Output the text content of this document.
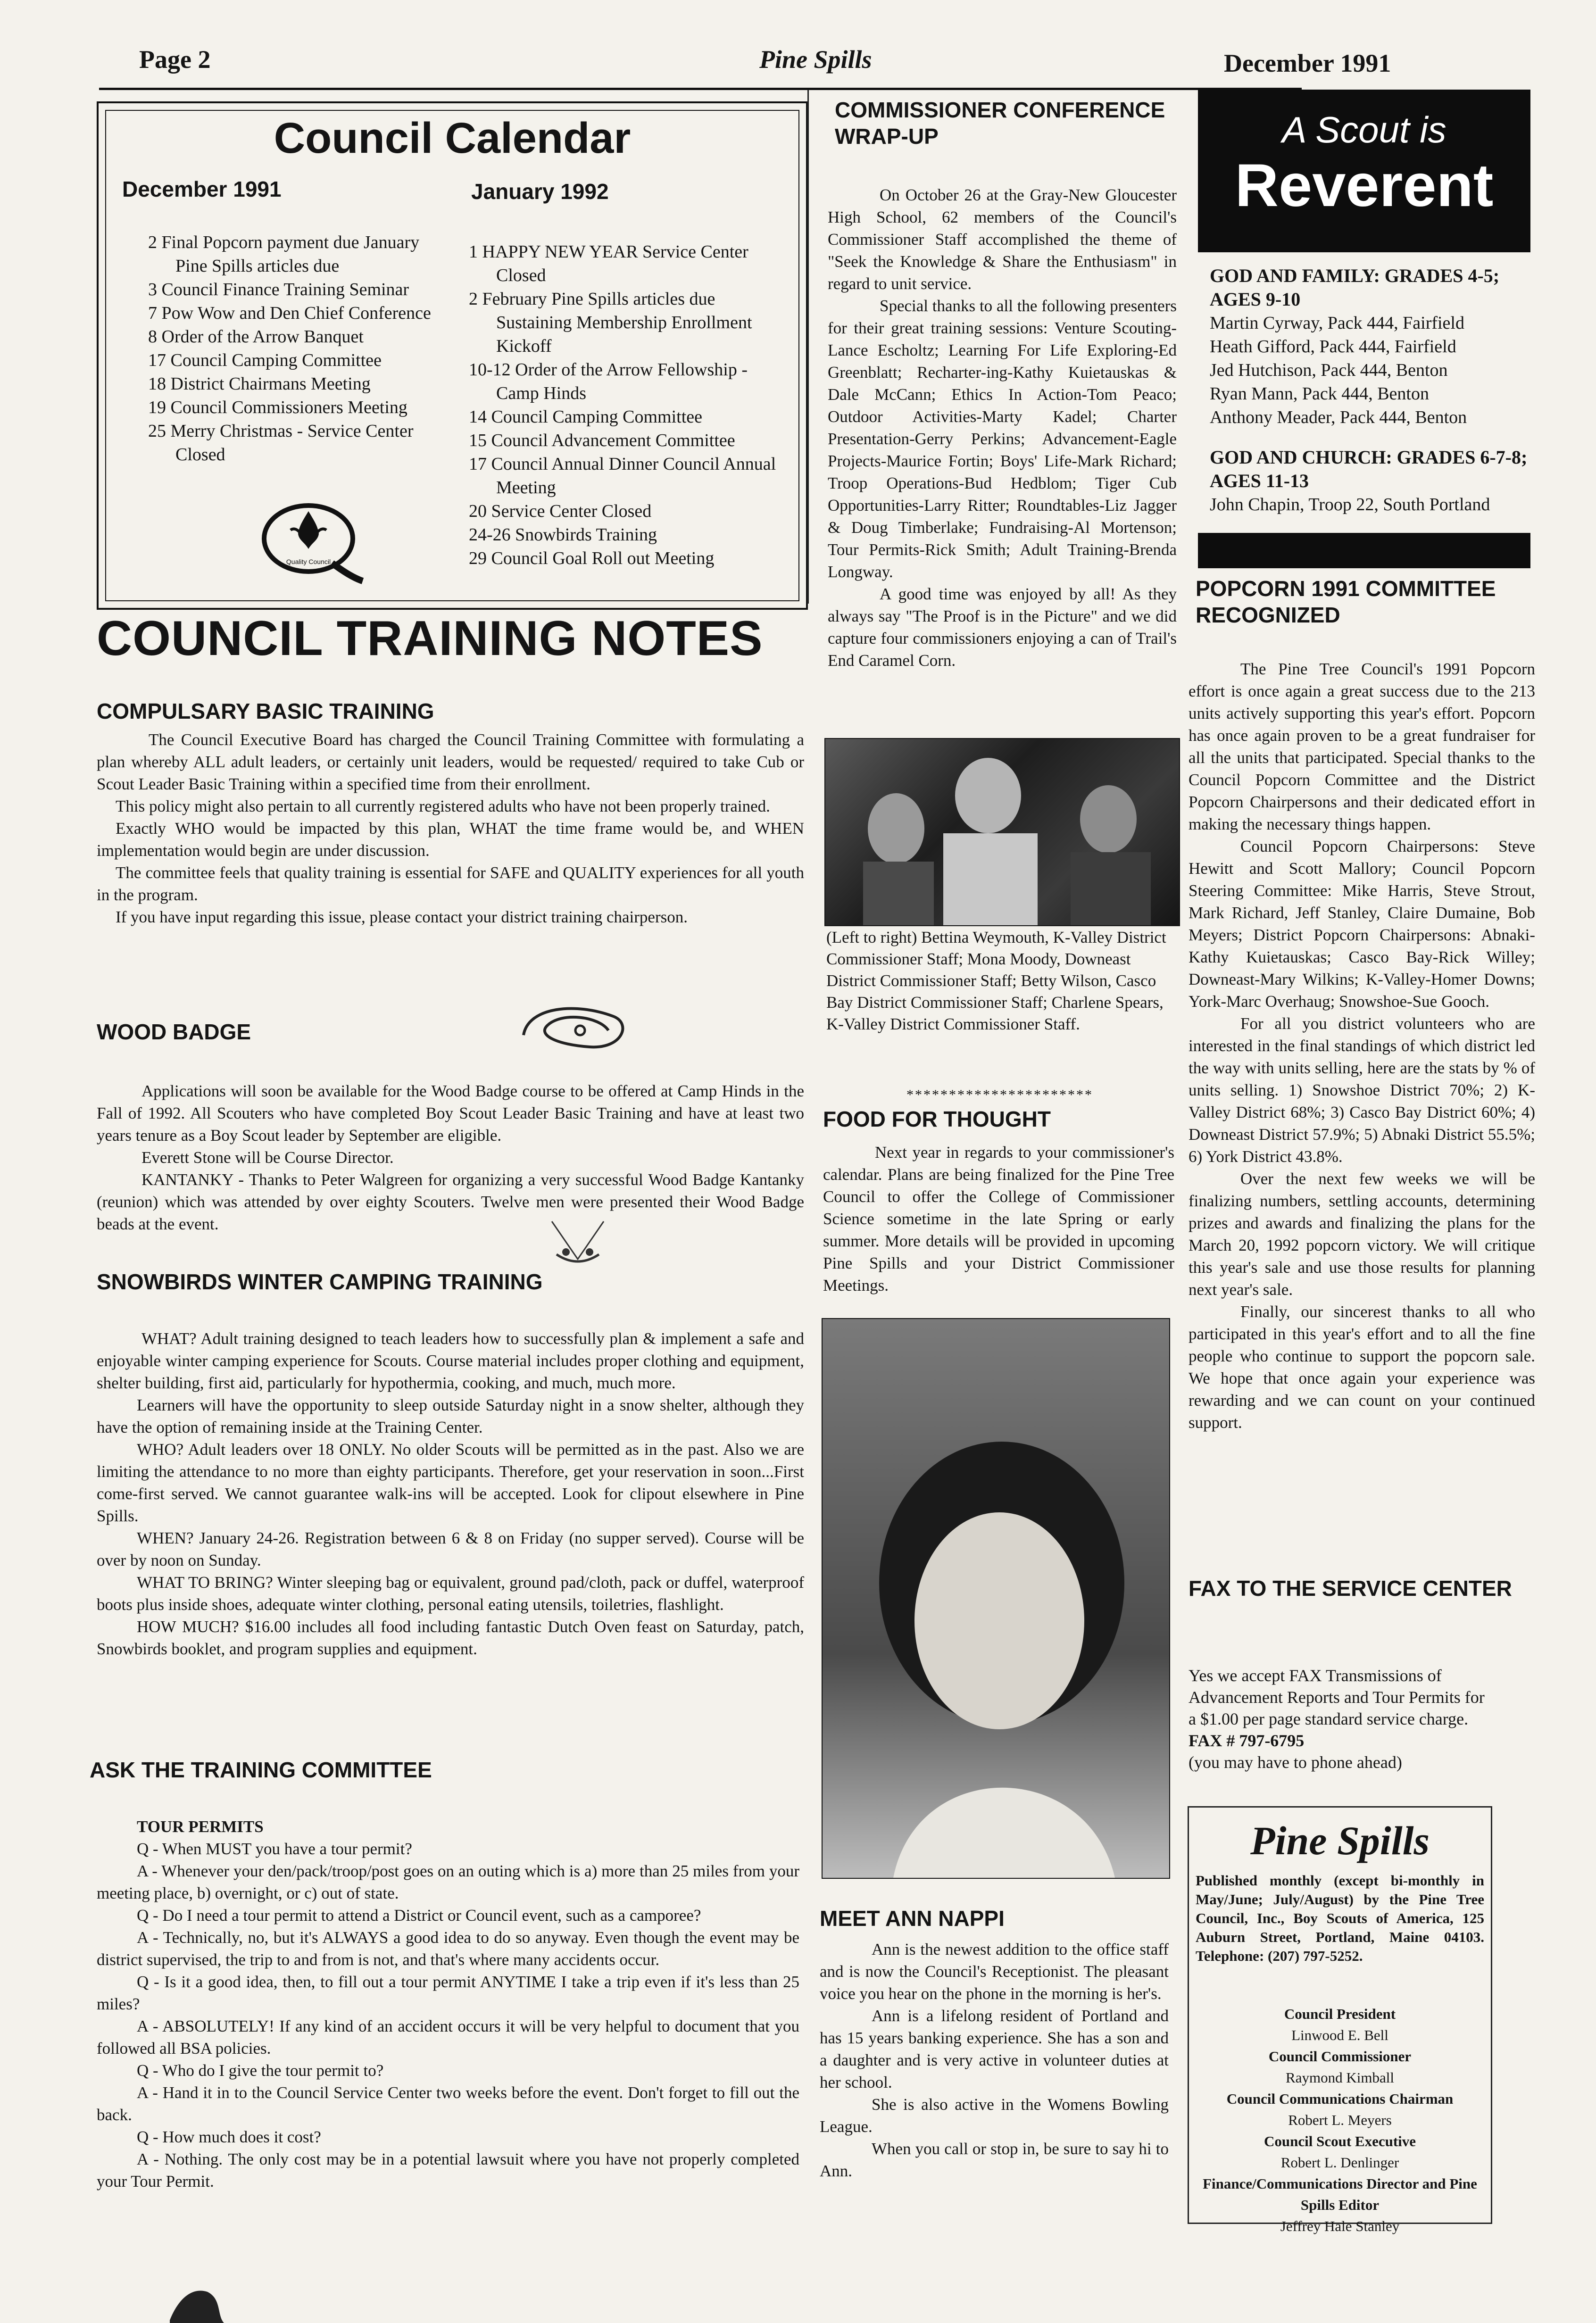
Page 2	Pine Spills	December 1991
Council Calendar
December 1991	January 1992
2 Final Popcorn payment due January Pine Spills articles due
3 Council Finance Training Seminar
7 Pow Wow and Den Chief Conference
8 Order of the Arrow Banquet
17 Council Camping Committee
18 District Chairmans Meeting
19 Council Commissioners Meeting
25 Merry Christmas - Service Center Closed
1 HAPPY NEW YEAR Service Center Closed
2 February Pine Spills articles due Sustaining Membership Enrollment Kickoff
10-12 Order of the Arrow Fellowship - Camp Hinds
14 Council Camping Committee
15 Council Advancement Committee
17 Council Annual Dinner Council Annual Meeting
20 Service Center Closed
24-26 Snowbirds Training
29 Council Goal Roll out Meeting
Quality Council
COUNCIL TRAINING NOTES
COMPULSARY BASIC TRAINING

The Council Executive Board has charged the Council Training Committee with formulating a plan whereby ALL adult leaders, or certainly unit leaders, would be requested/ required to take Cub or Scout Leader Basic Training within a specified time from their enrollment.

This policy might also pertain to all currently registered adults who have not been properly trained.

Exactly WHO would be impacted by this plan, WHAT the time frame would be, and WHEN implementation would begin are under discussion.

The committee feels that quality training is essential for SAFE and QUALITY experiences for all youth in the program.

If you have input regarding this issue, please contact your district training chairperson.

WOOD BADGE

Applications will soon be available for the Wood Badge course to be offered at Camp Hinds in the Fall of 1992. All Scouters who have completed Boy Scout Leader Basic Training and have at least two years tenure as a Boy Scout leader by September are eligible.

Everett Stone will be Course Director.

KANTANKY - Thanks to Peter Walgreen for organizing a very successful Wood Badge Kantanky (reunion) which was attended by over eighty Scouters. Twelve men were presented their Wood Badge beads at the event.

SNOWBIRDS WINTER CAMPING TRAINING

WHAT? Adult training designed to teach leaders how to successfully plan & implement a safe and enjoyable winter camping experience for Scouts. Course material includes proper clothing and equipment, shelter building, first aid, particularly for hypothermia, cooking, and much, much more.

Learners will have the opportunity to sleep outside Saturday night in a snow shelter, although they have the option of remaining inside at the Training Center.

WHO? Adult leaders over 18 ONLY. No older Scouts will be permitted as in the past. Also we are limiting the attendance to no more than eighty participants. Therefore, get your reservation in soon...First come-first served. We cannot guarantee walk-ins will be accepted. Look for clipout elsewhere in Pine Spills.

WHEN? January 24-26. Registration between 6 & 8 on Friday (no supper served). Course will be over by noon on Sunday.

WHAT TO BRING? Winter sleeping bag or equivalent, ground pad/cloth, pack or duffel, waterproof boots plus inside shoes, adequate winter clothing, personal eating utensils, toiletries, flashlight.

HOW MUCH? $16.00 includes all food including fantastic Dutch Oven feast on Saturday, patch, Snowbirds booklet, and program supplies and equipment.

ASK THE TRAINING COMMITTEE

TOUR PERMITS

Q - When MUST you have a tour permit?

A - Whenever your den/pack/troop/post goes on an outing which is a) more than 25 miles from your meeting place, b) overnight, or c) out of state.

Q - Do I need a tour permit to attend a District or Council event, such as a camporee?

A - Technically, no, but it's ALWAYS a good idea to do so anyway. Even though the event may be district supervised, the trip to and from is not, and that's where many accidents occur.

Q - Is it a good idea, then, to fill out a tour permit ANYTIME I take a trip even if it's less than 25 miles?

A - ABSOLUTELY! If any kind of an accident occurs it will be very helpful to document that you followed all BSA policies.

Q - Who do I give the tour permit to?

A - Hand it in to the Council Service Center two weeks before the event. Don't forget to fill out the back.

Q - How much does it cost?

A - Nothing. The only cost may be in a potential lawsuit where you have not properly completed your Tour Permit.

COMMISSIONER CONFERENCE WRAP-UP

On October 26 at the Gray-New Gloucester High School, 62 members of the Council's Commissioner Staff accomplished the theme of "Seek the Knowledge & Share the Enthusiasm" in regard to unit service.

Special thanks to all the following presenters for their great training sessions: Venture Scouting-Lance Escholtz; Learning For Life Exploring-Ed Greenblatt; Recharter-ing-Kathy Kuietauskas & Dale McCann; Ethics In Action-Tom Peaco; Outdoor Activities-Marty Kadel; Charter Presentation-Gerry Perkins; Advancement-Eagle Projects-Maurice Fortin; Boys' Life-Mark Richard; Troop Operations-Bud Hedblom; Tiger Cub Opportunities-Larry Ritter; Roundtables-Liz Jagger & Doug Timberlake; Fundraising-Al Mortenson; Tour Permits-Rick Smith; Adult Training-Brenda Longway.

A good time was enjoyed by all! As they always say "The Proof is in the Picture" and we did capture four commissioners enjoying a can of Trail's End Caramel Corn.

(Left to right) Bettina Weymouth, K-Valley District Commissioner Staff; Mona Moody, Downeast District Commissioner Staff; Betty Wilson, Casco Bay District Commissioner Staff; Charlene Spears, K-Valley District Commissioner Staff.
**********************
FOOD FOR THOUGHT

Next year in regards to your commissioner's calendar. Plans are being finalized for the Pine Tree Council to offer the College of Commissioner Science sometime in the late Spring or early summer. More details will be provided in upcoming Pine Spills and your District Commissioner Meetings.

MEET ANN NAPPI

Ann is the newest addition to the office staff and is now the Council's Receptionist. The pleasant voice you hear on the phone in the morning is her's.

Ann is a lifelong resident of Portland and has 15 years banking experience. She has a son and a daughter and is very active in volunteer duties at her school.

She is also active in the Womens Bowling League.

When you call or stop in, be sure to say hi to Ann.

A Scout is
Reverent
GOD AND FAMILY: GRADES 4-5; AGES 9-10
Martin Cyrway, Pack 444, Fairfield
Heath Gifford, Pack 444, Fairfield
Jed Hutchison, Pack 444, Benton
Ryan Mann, Pack 444, Benton
Anthony Meader, Pack 444, Benton
GOD AND CHURCH: GRADES 6-7-8; AGES 11-13
John Chapin, Troop 22, South Portland
POPCORN 1991 COMMITTEE RECOGNIZED

The Pine Tree Council's 1991 Popcorn effort is once again a great success due to the 213 units actively supporting this year's effort. Popcorn has once again proven to be a great fundraiser for all the units that participated. Special thanks to the Council Popcorn Committee and the District Popcorn Chairpersons and their dedicated effort in making the necessary things happen.

Council Popcorn Chairpersons: Steve Hewitt and Scott Mallory; Council Popcorn Steering Committee: Mike Harris, Steve Strout, Mark Richard, Jeff Stanley, Claire Dumaine, Bob Meyers; District Popcorn Chairpersons: Abnaki-Kathy Kuietauskas; Casco Bay-Rick Willey; Downeast-Mary Wilkins; K-Valley-Homer Downs; York-Marc Overhaug; Snowshoe-Sue Gooch.

For all you district volunteers who are interested in the final standings of which district led the way with units selling, here are the stats by % of units selling. 1) Snowshoe District 70%; 2) K-Valley District 68%; 3) Casco Bay District 60%; 4) Downeast District 57.9%; 5) Abnaki District 55.5%; 6) York District 43.8%.

Over the next few weeks we will be finalizing numbers, settling accounts, determining prizes and awards and finalizing the plans for the March 20, 1992 popcorn victory. We will critique this year's sale and use those results for planning next year's sale.

Finally, our sincerest thanks to all who participated in this year's effort and to all the fine people who continue to support the popcorn sale. We hope that once again your experience was rewarding and we can count on your continued support.

FAX TO THE SERVICE CENTER
Yes we accept FAX Transmissions of Advancement Reports and Tour Permits for a $1.00 per page standard service charge. FAX # 797-6795
(you may have to phone ahead)
Pine Spills
Published monthly (except bi-monthly in May/June; July/August) by the Pine Tree Council, Inc., Boy Scouts of America, 125 Auburn Street, Portland, Maine 04103. Telephone: (207) 797-5252.
Council President
Linwood E. Bell
Council Commissioner
Raymond Kimball
Council Communications Chairman
Robert L. Meyers
Council Scout Executive
Robert L. Denlinger
Finance/Communications Director and Pine Spills Editor
Jeffrey Hale Stanley
